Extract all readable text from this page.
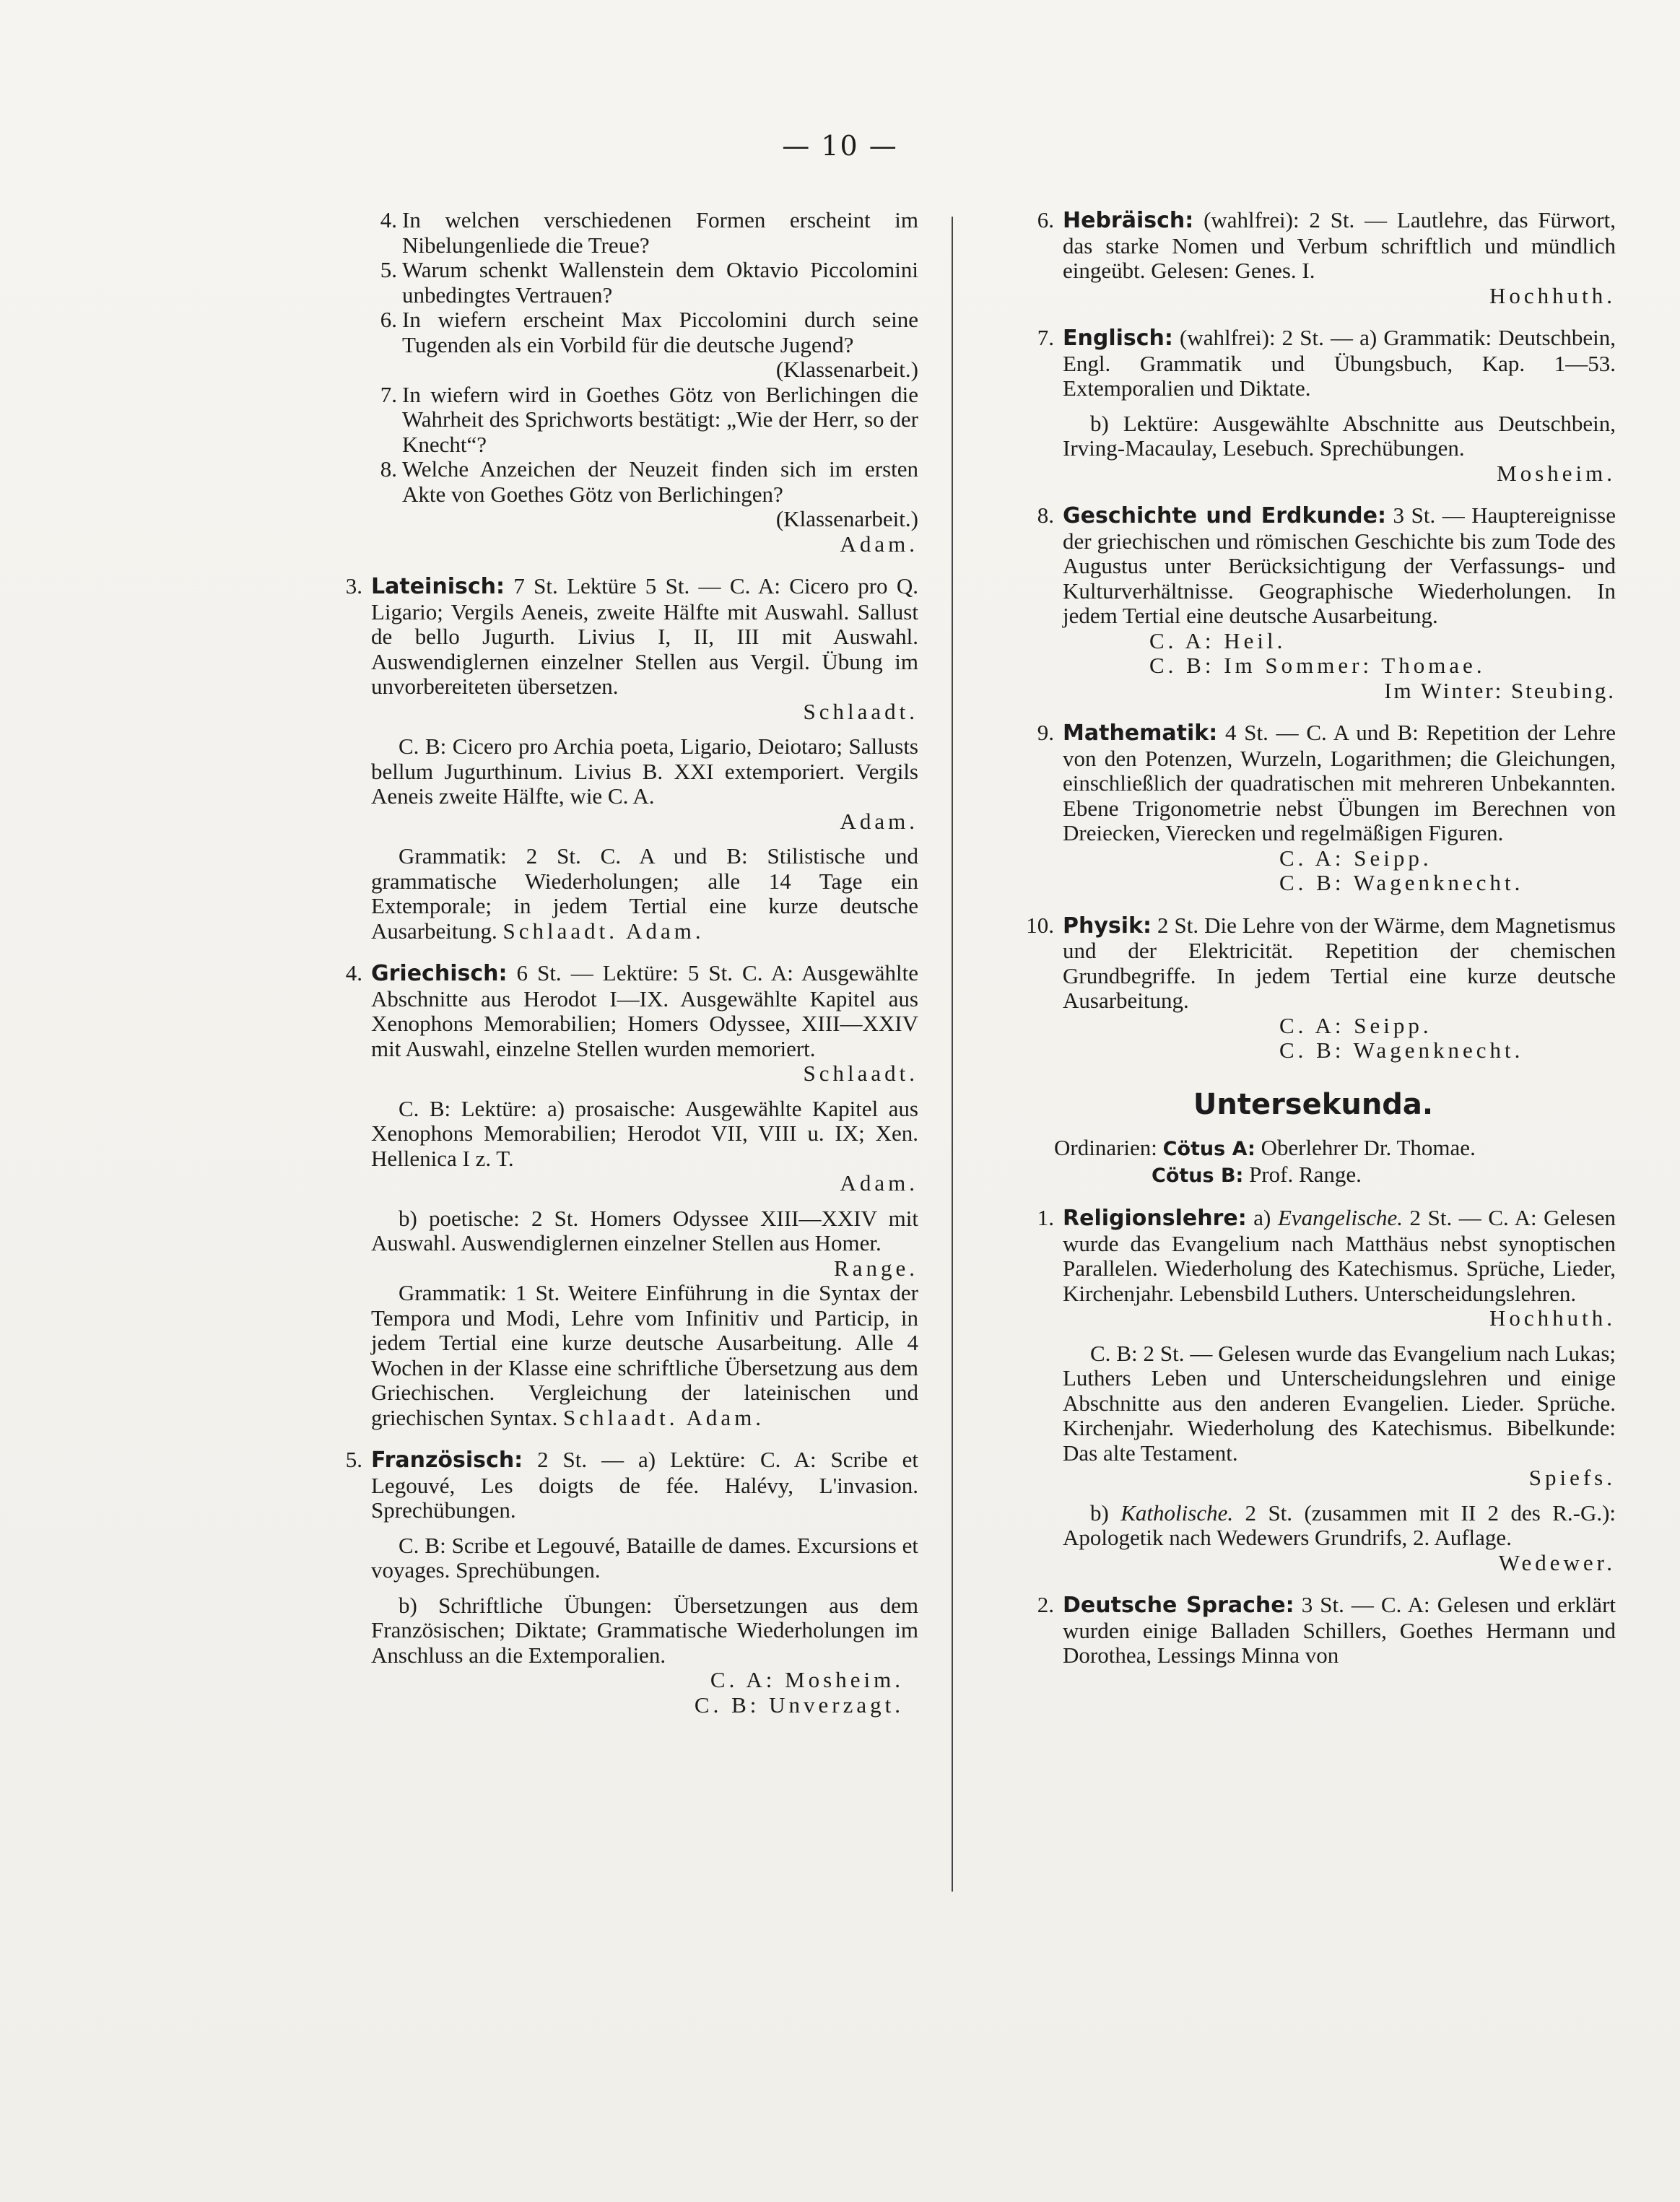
— 10 —

4. In welchen verschiedenen Formen erscheint im Nibelungenliede die Treue?

5. Warum schenkt Wallenstein dem Oktavio Piccolomini unbedingtes Vertrauen?

6. In wiefern erscheint Max Piccolomini durch seine Tugenden als ein Vorbild für die deutsche Jugend?
(Klassenarbeit.)

7. In wiefern wird in Goethes Götz von Berlichingen die Wahrheit des Sprichworts bestätigt: „Wie der Herr, so der Knecht“?

8. Welche Anzeichen der Neuzeit finden sich im ersten Akte von Goethes Götz von Berlichingen?
(Klassenarbeit.)

Adam.

3. Lateinisch: 7 St. Lektüre 5 St. — C. A: Cicero pro Q. Ligario; Vergils Aeneis, zweite Hälfte mit Auswahl. Sallust de bello Jugurth. Livius I, II, III mit Auswahl. Auswendiglernen einzelner Stellen aus Vergil. Übung im unvorbereiteten übersetzen.

Schlaadt.

C. B: Cicero pro Archia poeta, Ligario, Deiotaro; Sallusts bellum Jugurthinum. Livius B. XXI extemporiert. Vergils Aeneis zweite Hälfte, wie C. A.

Adam.

Grammatik: 2 St. C. A und B: Stilistische und grammatische Wiederholungen; alle 14 Tage ein Extemporale; in jedem Tertial eine kurze deutsche Ausarbeitung. Schlaadt. Adam.

4. Griechisch: 6 St. — Lektüre: 5 St. C. A: Ausgewählte Abschnitte aus Herodot I—IX. Ausgewählte Kapitel aus Xenophons Memorabilien; Homers Odyssee, XIII—XXIV mit Auswahl, einzelne Stellen wurden memoriert.

Schlaadt.

C. B: Lektüre: a) prosaische: Ausgewählte Kapitel aus Xenophons Memorabilien; Herodot VII, VIII u. IX; Xen. Hellenica I z. T.

Adam.

b) poetische: 2 St. Homers Odyssee XIII—XXIV mit Auswahl. Auswendiglernen einzelner Stellen aus Homer.
Range.

Grammatik: 1 St. Weitere Einführung in die Syntax der Tempora und Modi, Lehre vom Infinitiv und Particip, in jedem Tertial eine kurze deutsche Ausarbeitung. Alle 4 Wochen in der Klasse eine schriftliche Übersetzung aus dem Griechischen. Vergleichung der lateinischen und griechischen Syntax. Schlaadt. Adam.

5. Französisch: 2 St. — a) Lektüre: C. A: Scribe et Legouvé, Les doigts de fée. Halévy, L'invasion. Sprechübungen.

C. B: Scribe et Legouvé, Bataille de dames. Excursions et voyages. Sprechübungen.

b) Schriftliche Übungen: Übersetzungen aus dem Französischen; Diktate; Grammatische Wiederholungen im Anschluss an die Extemporalien.

C. A: Mosheim.

C. B: Unverzagt.

6. Hebräisch: (wahlfrei): 2 St. — Lautlehre, das Fürwort, das starke Nomen und Verbum schriftlich und mündlich eingeübt. Gelesen: Genes. I.

Hochhuth.

7. Englisch: (wahlfrei): 2 St. — a) Grammatik: Deutschbein, Engl. Grammatik und Übungsbuch, Kap. 1—53. Extemporalien und Diktate.

b) Lektüre: Ausgewählte Abschnitte aus Deutschbein, Irving-Macaulay, Lesebuch. Sprechübungen.

Mosheim.

8. Geschichte und Erdkunde: 3 St. — Hauptereignisse der griechischen und römischen Geschichte bis zum Tode des Augustus unter Berücksichtigung der Verfassungs- und Kulturverhältnisse. Geographische Wiederholungen. In jedem Tertial eine deutsche Ausarbeitung.

C. A: Heil.

C. B: Im Sommer: Thomae.

Im Winter: Steubing.

9. Mathematik: 4 St. — C. A und B: Repetition der Lehre von den Potenzen, Wurzeln, Logarithmen; die Gleichungen, einschließlich der quadratischen mit mehreren Unbekannten. Ebene Trigonometrie nebst Übungen im Berechnen von Dreiecken, Vierecken und regelmäßigen Figuren.

C. A: Seipp.

C. B: Wagenknecht.

10. Physik: 2 St. Die Lehre von der Wärme, dem Magnetismus und der Elektricität. Repetition der chemischen Grundbegriffe. In jedem Tertial eine kurze deutsche Ausarbeitung.

C. A: Seipp.

C. B: Wagenknecht.

Untersekunda.
Ordinarien: Cötus A: Oberlehrer Dr. Thomae.
Cötus B: Prof. Range.
1. Religionslehre: a) Evangelische. 2 St. — C. A: Gelesen wurde das Evangelium nach Matthäus nebst synoptischen Parallelen. Wiederholung des Katechismus. Sprüche, Lieder, Kirchenjahr. Lebensbild Luthers. Unterscheidungslehren.

Hochhuth.

C. B: 2 St. — Gelesen wurde das Evangelium nach Lukas; Luthers Leben und Unterscheidungslehren und einige Abschnitte aus den anderen Evangelien. Lieder. Sprüche. Kirchenjahr. Wiederholung des Katechismus. Bibelkunde: Das alte Testament.

Spiefs.

b) Katholische. 2 St. (zusammen mit II 2 des R.-G.): Apologetik nach Wedewers Grundrifs, 2. Auflage.

Wedewer.

2. Deutsche Sprache: 3 St. — C. A: Gelesen und erklärt wurden einige Balladen Schillers, Goethes Hermann und Dorothea, Lessings Minna von
